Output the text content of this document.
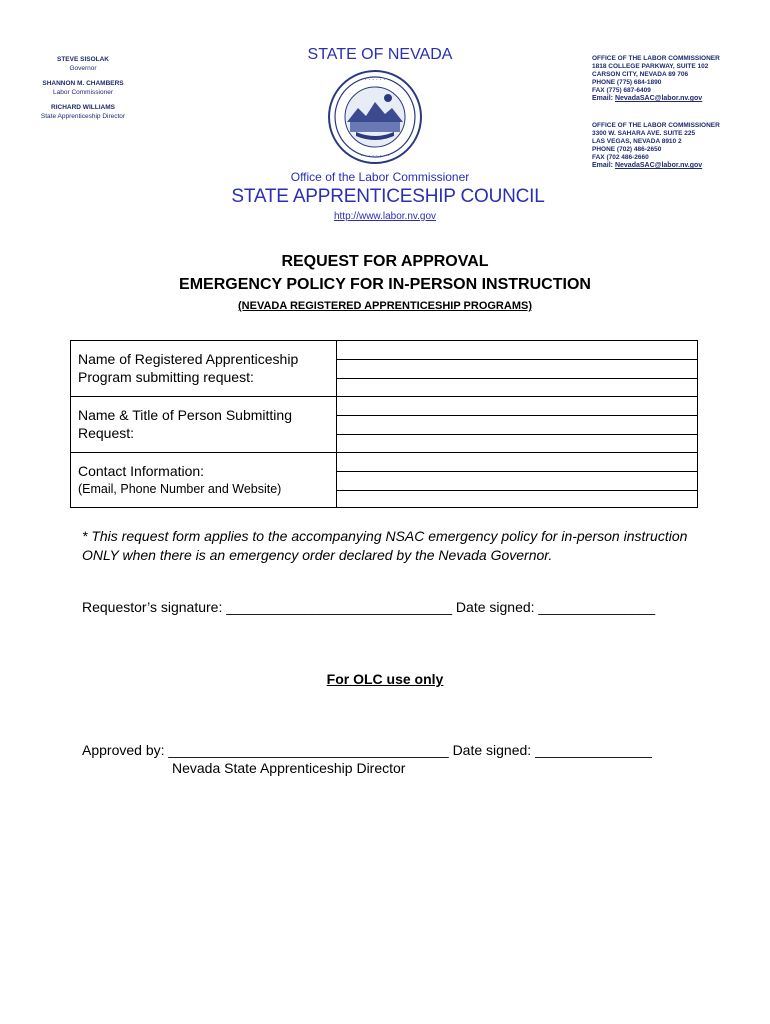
STEVE SISOLAK
Governor
SHANNON M. CHAMBERS
Labor Commissioner
RICHARD WILLIAMS
State Apprenticeship Director
STATE OF NEVADA
· · · · · · · ·
· · · · · · · ·
Office of the Labor Commissioner
STATE APPRENTICESHIP COUNCIL
http://www.labor.nv.gov
OFFICE OF THE LABOR COMMISSIONER
1818 COLLEGE PARKWAY, SUITE 102
CARSON CITY, NEVADA 89 706
PHONE (775) 684-1890
FAX (775) 687-6409
Email: NevadaSAC@labor.nv.gov
OFFICE OF THE LABOR COMMISSIONER
3300 W. SAHARA AVE. SUITE 225
LAS VEGAS, NEVADA 8910 2
PHONE (702) 486-2650
FAX (702 486-2660
Email: NevadaSAC@labor.nv.gov
REQUEST FOR APPROVAL
EMERGENCY POLICY FOR IN-PERSON INSTRUCTION
(NEVADA REGISTERED APPRENTICESHIP PROGRAMS)
Name of Registered Apprenticeship
Program submitting request:
Name & Title of Person Submitting
Request:
Contact Information:
(Email, Phone Number and Website)
* This request form applies to the accompanying NSAC emergency policy for in-person instruction ONLY when there is an emergency order declared by the Nevada Governor.
Requestor’s signature: _____________________________ Date signed: _______________
For OLC use only
Approved by: ____________________________________ Date signed: _______________
Nevada State Apprenticeship Director
